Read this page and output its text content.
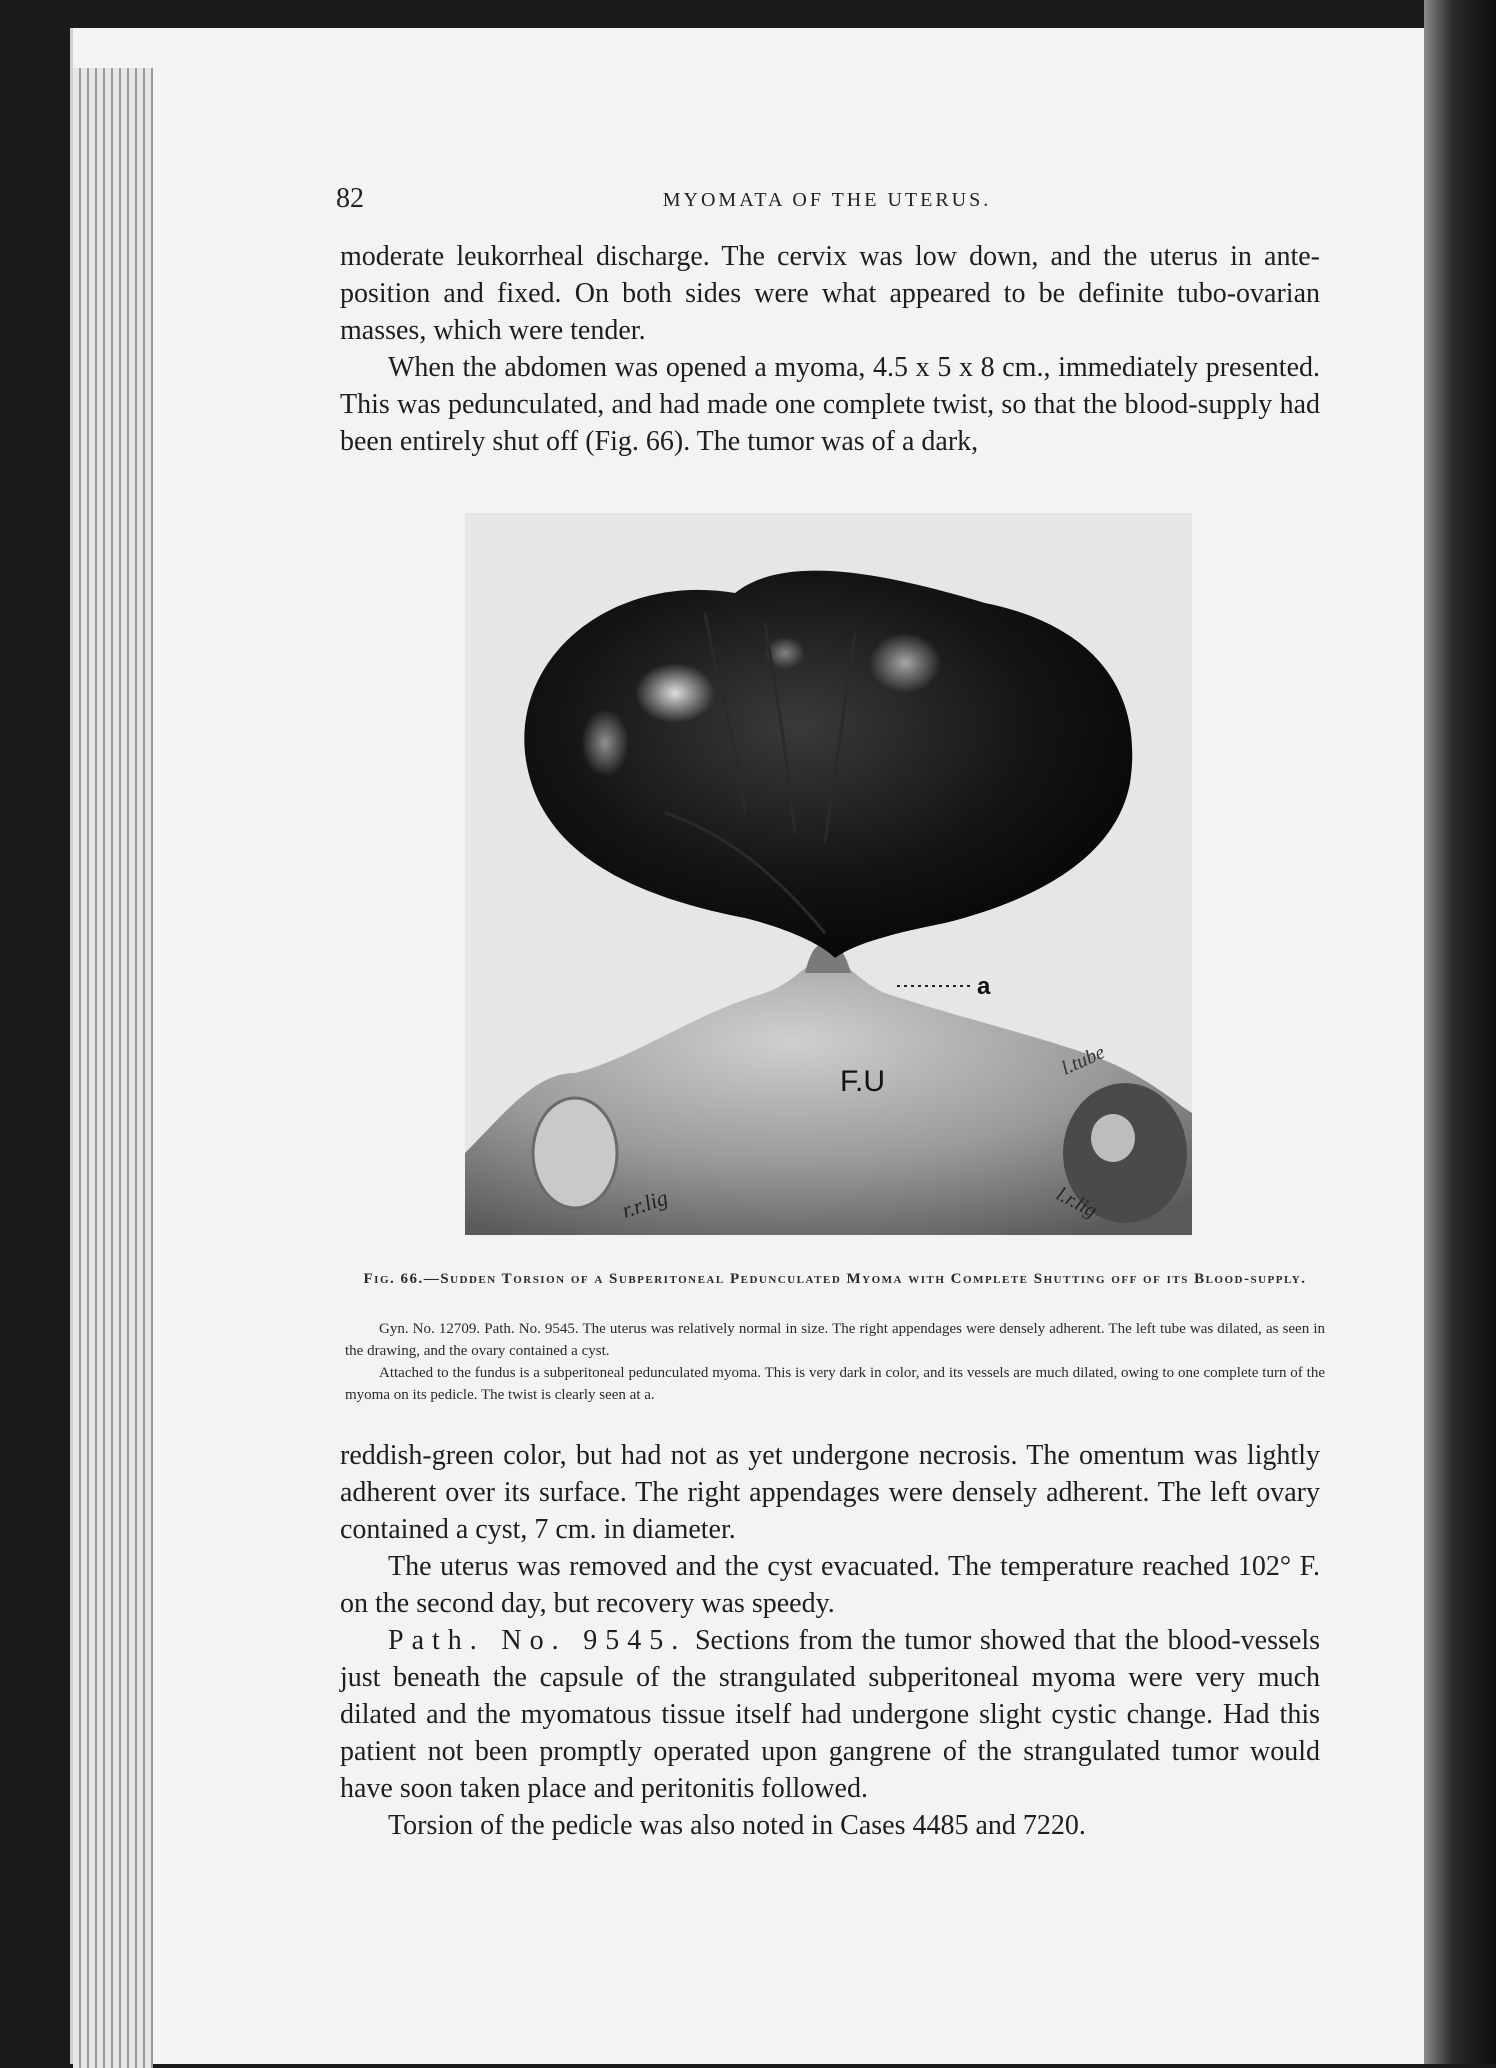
82	MYOMATA OF THE UTERUS.

moderate leukorrheal discharge. The cervix was low down, and the uterus in ante-position and fixed. On both sides were what appeared to be definite tubo-ovarian masses, which were tender.

When the abdomen was opened a myoma, 4.5 x 5 x 8 cm., immediately presented. This was pedunculated, and had made one complete twist, so that the blood-supply had been entirely shut off (Fig. 66). The tumor was of a dark,

a
F.U
r.r.lig	l.r.lig
l.tube
Fig. 66.—Sudden Torsion of a Subperitoneal Pedunculated Myoma with Complete Shutting off of its Blood-supply.

Gyn. No. 12709. Path. No. 9545. The uterus was relatively normal in size. The right appendages were densely adherent. The left tube was dilated, as seen in the drawing, and the ovary contained a cyst.

Attached to the fundus is a subperitoneal pedunculated myoma. This is very dark in color, and its vessels are much dilated, owing to one complete turn of the myoma on its pedicle. The twist is clearly seen at a.

reddish-green color, but had not as yet undergone necrosis. The omentum was lightly adherent over its surface. The right appendages were densely adherent. The left ovary contained a cyst, 7 cm. in diameter.

The uterus was removed and the cyst evacuated. The temperature reached 102° F. on the second day, but recovery was speedy.

Path. No. 9545. Sections from the tumor showed that the blood-vessels just beneath the capsule of the strangulated subperitoneal myoma were very much dilated and the myomatous tissue itself had undergone slight cystic change. Had this patient not been promptly operated upon gangrene of the strangulated tumor would have soon taken place and peritonitis followed.

Torsion of the pedicle was also noted in Cases 4485 and 7220.
